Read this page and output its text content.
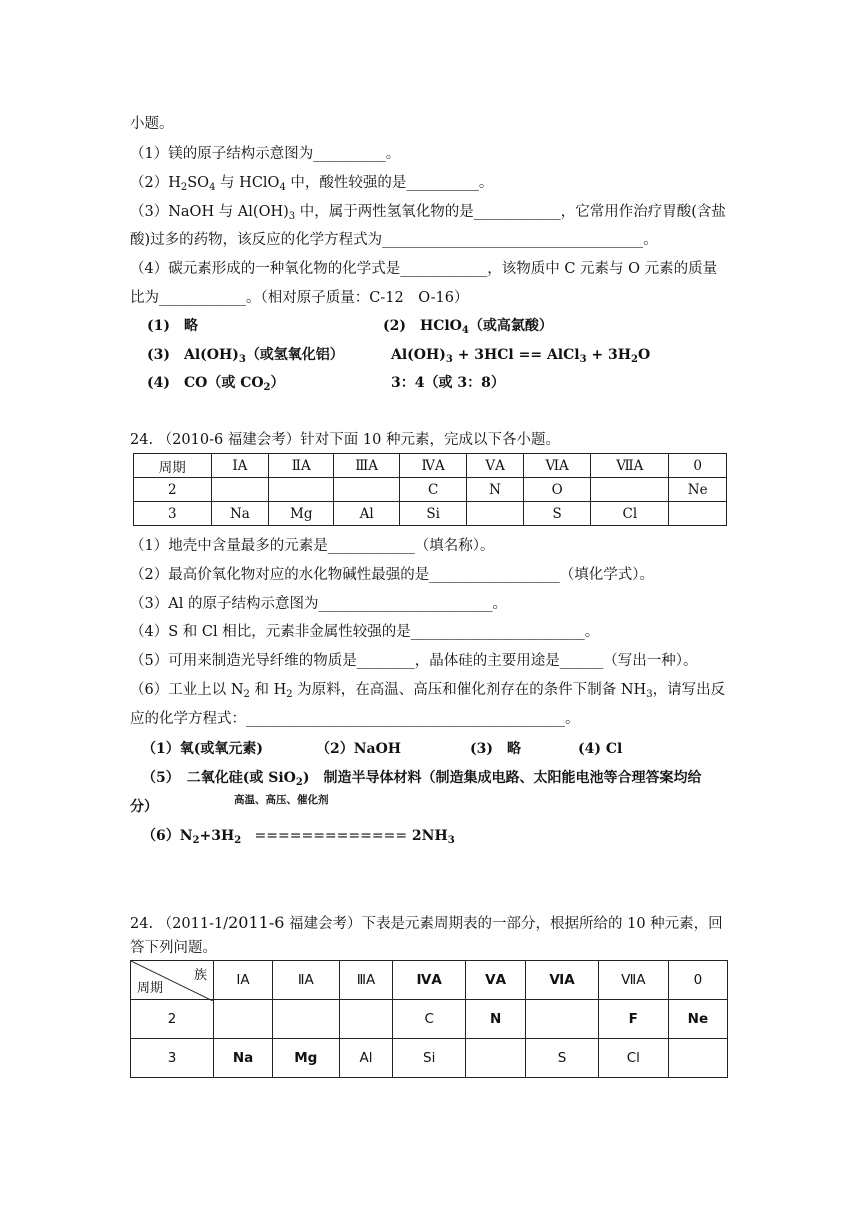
小题。
（1）镁的原子结构示意图为__________。
$(2)H_2SO_4$ 与 HClO$_4$ 中，酸性较强的是__________。
（3）NaOH 与 $Al(OH)_3$ 中，属于两性氢氧化物的是____________，它常用作治疗胃酸(含盐
酸)过多的药物，该反应的化学方程式为____________________________________。
（4）碳元素形成的一种氧化物的化学式是____________，该物质中 C 元素与 O 元素的质量
比为____________。（相对原子质量：C-12　O-16）
(1)　略	(2)　HClO$_4$（或高氯酸）
(3)　$Al(OH)_3$（或氢氧化铝）	$Al(OH)_3 + 3HCl$ == AlCl$_3$ + $3H_2O$
(4)　CO（或 $CO_2$）	3：4（或 3：8）
24. （2010-6 福建会考）针对下面 10 种元素，完成以下各小题。
周期	ⅠA	ⅡA	ⅢA	ⅣA	ⅤA	ⅥA	ⅦA	0
2				C	N	O		Ne
3	Na	Mg	Al	Si		S	Cl	
（1）地壳中含量最多的元素是____________（填名称）。
（2）最高价氧化物对应的水化物碱性最强的是__________________（填化学式）。
（3）Al 的原子结构示意图为________________________。
（4）S 和 Cl 相比，元素非金属性较强的是________________________。
（5）可用来制造光导纤维的物质是________，晶体硅的主要用途是______（写出一种）。
（6）工业上以 $N_2$ 和 $H_2$ 为原料，在高温、高压和催化剂存在的条件下制备 $NH_3$，请写出反
应的化学方程式：____________________________________________。
（1）氧(或氧元素)	（2）NaOH	(3)　略	(4) Cl
（5）　二氧化硅(或 SiO$_2$)　制造半导体材料（制造集成电路、太阳能电池等合理答案均给
分）	高温、高压、催化剂
$(6)N_2+3H_2$ ============= $2NH_3$
24. （2011-1/2011-6 福建会考）下表是元素周期表的一部分，根据所给的 10 种元素，回
答下列问题。
族
周期	ⅠA	ⅡA	ⅢA	ⅣA	ⅤA	ⅥA	ⅦA	0
2				C	N		F	Ne
3	Na	Mg	Al	Si		S	Cl	
